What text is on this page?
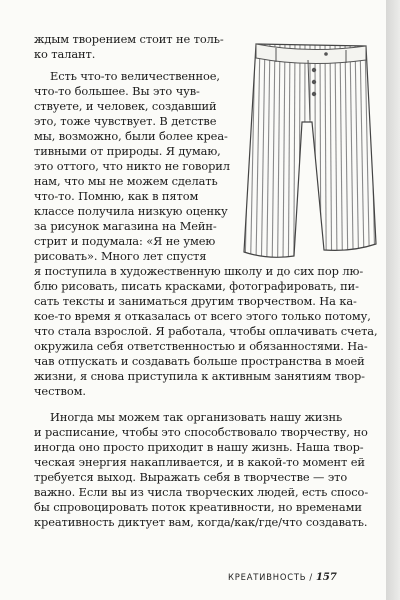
ждым творением стоит не толь-
ко талант.
Есть что-то величественное,
что-то большее. Вы это чув-
ствуете, и человек, создавший
это, тоже чувствует. В детстве
мы, возможно, были более креа-
тивными от природы. Я думаю,
это оттого, что никто не говорил
нам, что мы не можем сделать
что-то. Помню, как в пятом
классе получила низкую оценку
за рисунок магазина на Мейн-
стрит и подумала: «Я не умею
рисовать». Много лет спустя
я поступила в художественную школу и до сих пор лю-
блю рисовать, писать красками, фотографировать, пи-
сать тексты и заниматься другим творчеством. На ка-
кое-то время я отказалась от всего этого только потому,
что стала взрослой. Я работала, чтобы оплачивать счета,
окружила себя ответственностью и обязанностями. На-
чав отпускать и создавать больше пространства в моей
жизни, я снова приступила к активным занятиям твор-
чеством.
Иногда мы можем так организовать нашу жизнь
и расписание, чтобы это способствовало творчеству, но
иногда оно просто приходит в нашу жизнь. Наша твор-
ческая энергия накапливается, и в какой-то момент ей
требуется выход. Выражать себя в творчестве — это
важно. Если вы из числа творческих людей, есть спосо-
бы спровоцировать поток креативности, но временами
креативность диктует вам, когда/как/где/что создавать.
КРЕАТИВНОСТЬ / 157
